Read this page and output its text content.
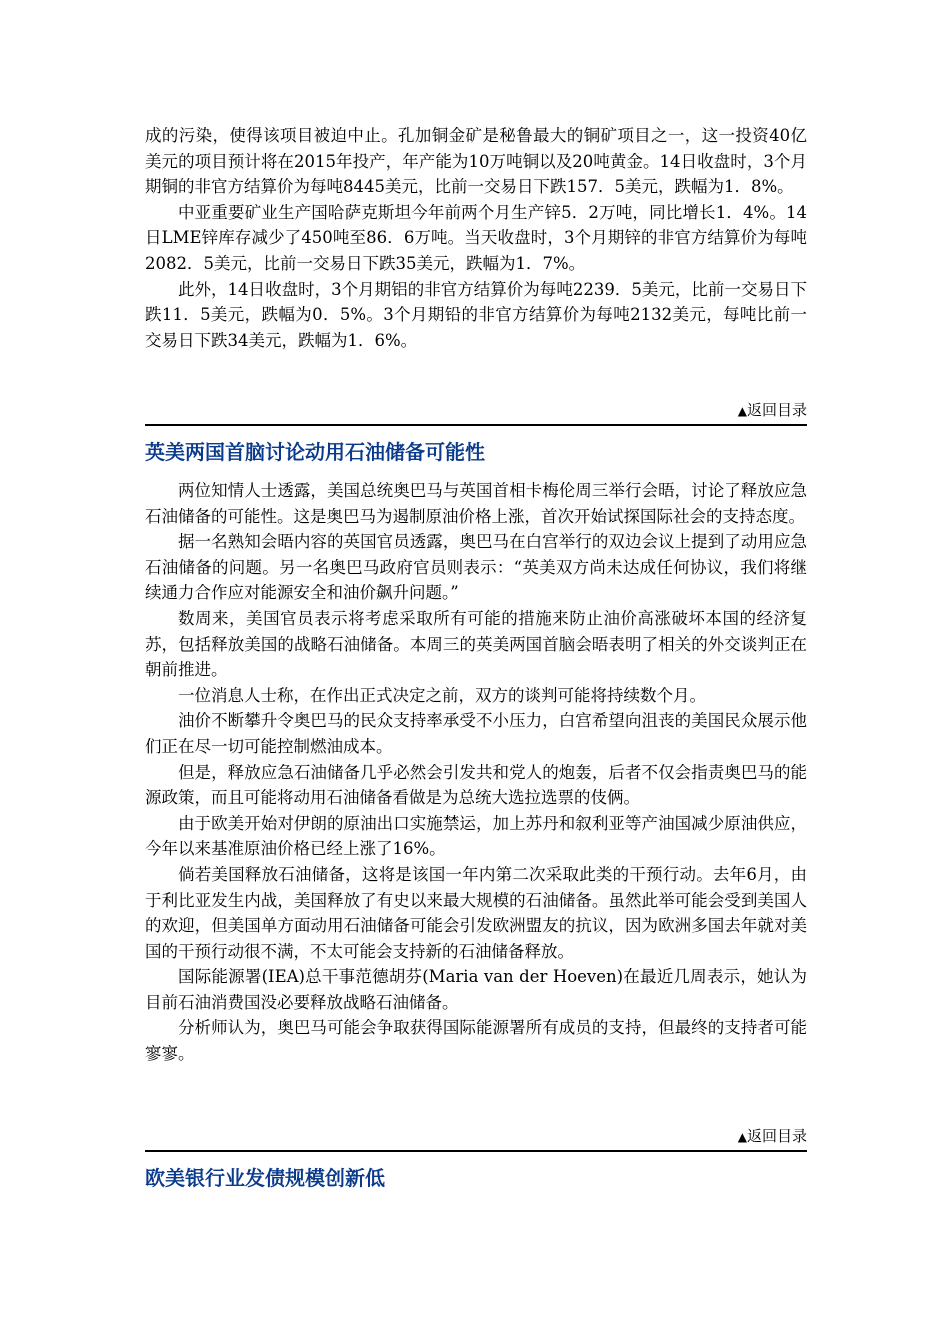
成的污染，使得该项目被迫中止。孔加铜金矿是秘鲁最大的铜矿项目之一，这一投资40亿美元的项目预计将在2015年投产，年产能为10万吨铜以及20吨黄金。14日收盘时，3个月期铜的非官方结算价为每吨8445美元，比前一交易日下跌157．5美元，跌幅为1．8%。

中亚重要矿业生产国哈萨克斯坦今年前两个月生产锌5．2万吨，同比增长1．4%。14日LME锌库存减少了450吨至86．6万吨。当天收盘时，3个月期锌的非官方结算价为每吨2082．5美元，比前一交易日下跌35美元，跌幅为1．7%。

此外，14日收盘时，3个月期铝的非官方结算价为每吨2239．5美元，比前一交易日下跌11．5美元，跌幅为0．5%。3个月期铅的非官方结算价为每吨2132美元，每吨比前一交易日下跌34美元，跌幅为1．6%。

▲返回目录
英美两国首脑讨论动用石油储备可能性

两位知情人士透露，美国总统奥巴马与英国首相卡梅伦周三举行会晤，讨论了释放应急石油储备的可能性。这是奥巴马为遏制原油价格上涨，首次开始试探国际社会的支持态度。

据一名熟知会晤内容的英国官员透露，奥巴马在白宫举行的双边会议上提到了动用应急石油储备的问题。另一名奥巴马政府官员则表示：“英美双方尚未达成任何协议，我们将继续通力合作应对能源安全和油价飙升问题。”

数周来，美国官员表示将考虑采取所有可能的措施来防止油价高涨破坏本国的经济复苏，包括释放美国的战略石油储备。本周三的英美两国首脑会晤表明了相关的外交谈判正在朝前推进。

一位消息人士称，在作出正式决定之前，双方的谈判可能将持续数个月。

油价不断攀升令奥巴马的民众支持率承受不小压力，白宫希望向沮丧的美国民众展示他们正在尽一切可能控制燃油成本。

但是，释放应急石油储备几乎必然会引发共和党人的炮轰，后者不仅会指责奥巴马的能源政策，而且可能将动用石油储备看做是为总统大选拉选票的伎俩。

由于欧美开始对伊朗的原油出口实施禁运，加上苏丹和叙利亚等产油国减少原油供应，今年以来基准原油价格已经上涨了16%。

倘若美国释放石油储备，这将是该国一年内第二次采取此类的干预行动。去年6月，由于利比亚发生内战，美国释放了有史以来最大规模的石油储备。虽然此举可能会受到美国人的欢迎，但美国单方面动用石油储备可能会引发欧洲盟友的抗议，因为欧洲多国去年就对美国的干预行动很不满，不太可能会支持新的石油储备释放。

国际能源署(IEA)总干事范德胡芬(Maria van der Hoeven)在最近几周表示，她认为目前石油消费国没必要释放战略石油储备。

分析师认为，奥巴马可能会争取获得国际能源署所有成员的支持，但最终的支持者可能寥寥。

▲返回目录
欧美银行业发债规模创新低
